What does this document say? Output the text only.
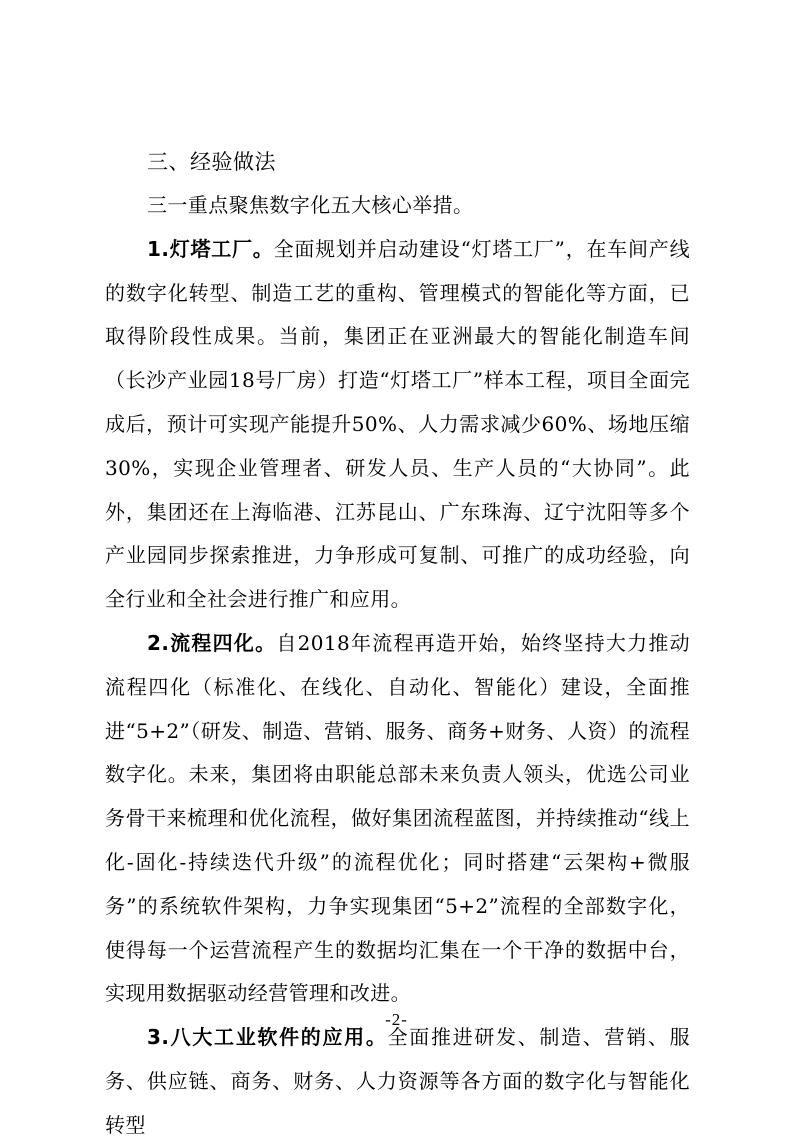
三、经验做法

三一重点聚焦数字化五大核心举措。

1.灯塔工厂。全面规划并启动建设“灯塔工厂”，在车间产线的数字化转型、制造工艺的重构、管理模式的智能化等方面，已取得阶段性成果。当前，集团正在亚洲最大的智能化制造车间（长沙产业园18号厂房）打造“灯塔工厂”样本工程，项目全面完成后，预计可实现产能提升50%、人力需求减少60%、场地压缩30%，实现企业管理者、研发人员、生产人员的“大协同”。此外，集团还在上海临港、江苏昆山、广东珠海、辽宁沈阳等多个产业园同步探索推进，力争形成可复制、可推广的成功经验，向全行业和全社会进行推广和应用。

2.流程四化。自2018年流程再造开始，始终坚持大力推动流程四化（标准化、在线化、自动化、智能化）建设，全面推进“5+2”（研发、制造、营销、服务、商务+财务、人资）的流程数字化。未来，集团将由职能总部未来负责人领头，优选公司业务骨干来梳理和优化流程，做好集团流程蓝图，并持续推动“线上化-固化-持续迭代升级”的流程优化；同时搭建“云架构+微服务”的系统软件架构，力争实现集团“5+2”流程的全部数字化，使得每一个运营流程产生的数据均汇集在一个干净的数据中台，实现用数据驱动经营管理和改进。

3.八大工业软件的应用。全面推进研发、制造、营销、服务、供应链、商务、财务、人力资源等各方面的数字化与智能化转型

-2-
